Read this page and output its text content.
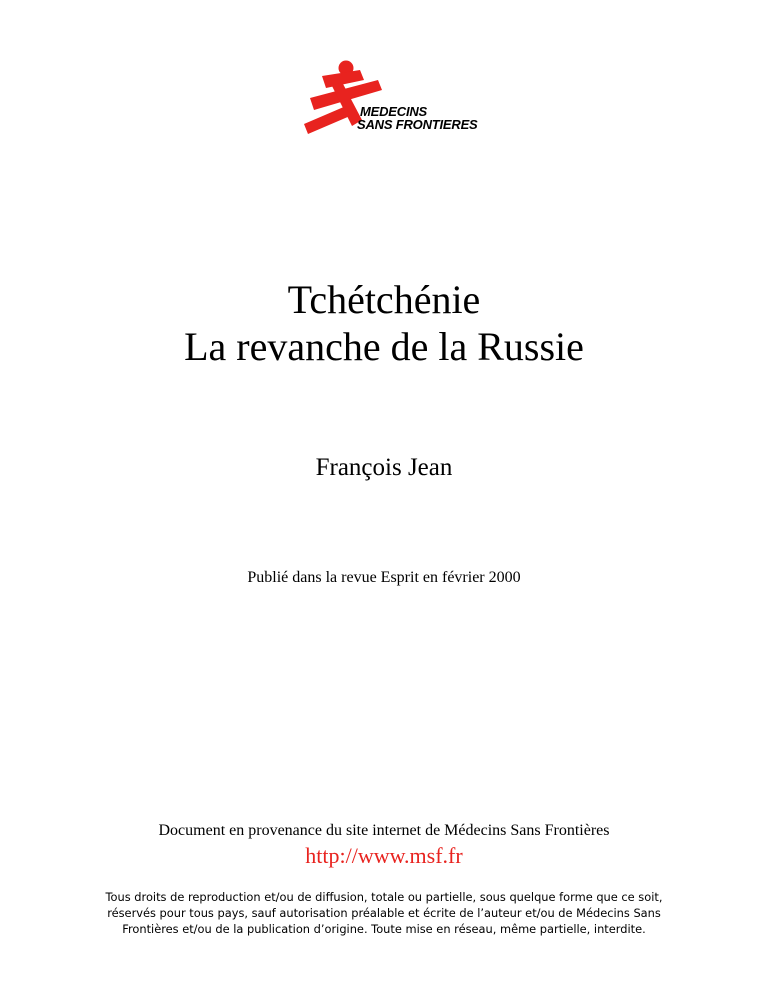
MEDECINS
SANS FRONTIERES
Tchétchénie
La revanche de la Russie
François Jean
Publié dans la revue Esprit en février 2000
Document en provenance du site internet de Médecins Sans Frontières
http://www.msf.fr
Tous droits de reproduction et/ou de diffusion, totale ou partielle, sous quelque forme que ce soit,
réservés pour tous pays, sauf autorisation préalable et écrite de l’auteur et/ou de Médecins Sans
Frontières et/ou de la publication d’origine. Toute mise en réseau, même partielle, interdite.
